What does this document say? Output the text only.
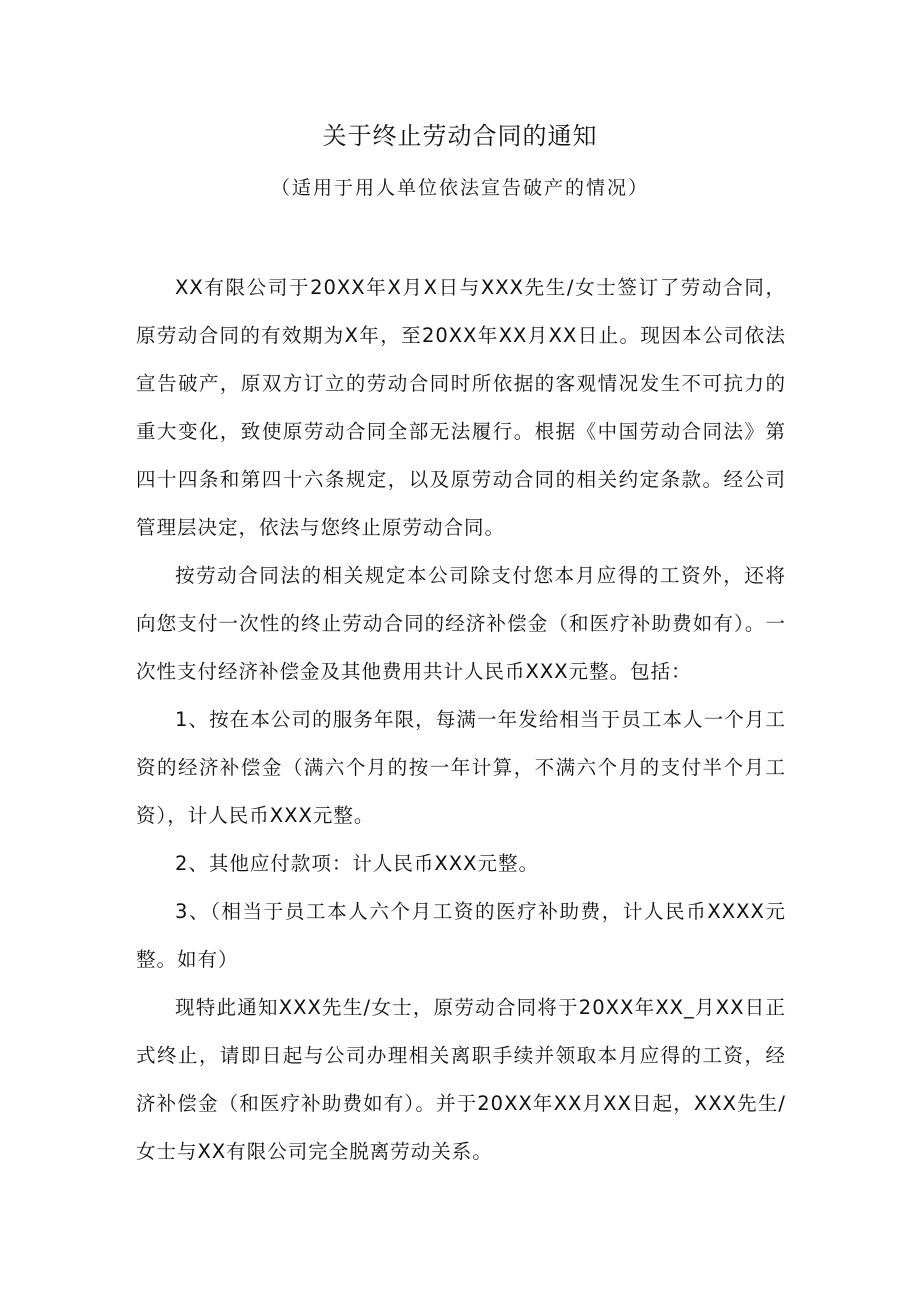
关于终止劳动合同的通知
（适用于用人单位依法宣告破产的情况）

XX有限公司于20XX年X月X日与XXX先生/女士签订了劳动合同，原劳动合同的有效期为X年，至20XX年XX月XX日止。现因本公司依法宣告破产，原双方订立的劳动合同时所依据的客观情况发生不可抗力的重大变化，致使原劳动合同全部无法履行。根据《中国劳动合同法》第四十四条和第四十六条规定，以及原劳动合同的相关约定条款。经公司管理层决定，依法与您终止原劳动合同。

按劳动合同法的相关规定本公司除支付您本月应得的工资外，还将向您支付一次性的终止劳动合同的经济补偿金（和医疗补助费如有）。一次性支付经济补偿金及其他费用共计人民币XXX元整。包括：

1、按在本公司的服务年限，每满一年发给相当于员工本人一个月工资的经济补偿金（满六个月的按一年计算，不满六个月的支付半个月工资），计人民币XXX元整。

2、其他应付款项：计人民币XXX元整。

3、（相当于员工本人六个月工资的医疗补助费，计人民币XXXX元整。如有）

现特此通知XXX先生/女士，原劳动合同将于20XX年XX_月XX日正式终止，请即日起与公司办理相关离职手续并领取本月应得的工资，经济补偿金（和医疗补助费如有）。并于20XX年XX月XX日起，XXX先生/女士与XX有限公司完全脱离劳动关系。
